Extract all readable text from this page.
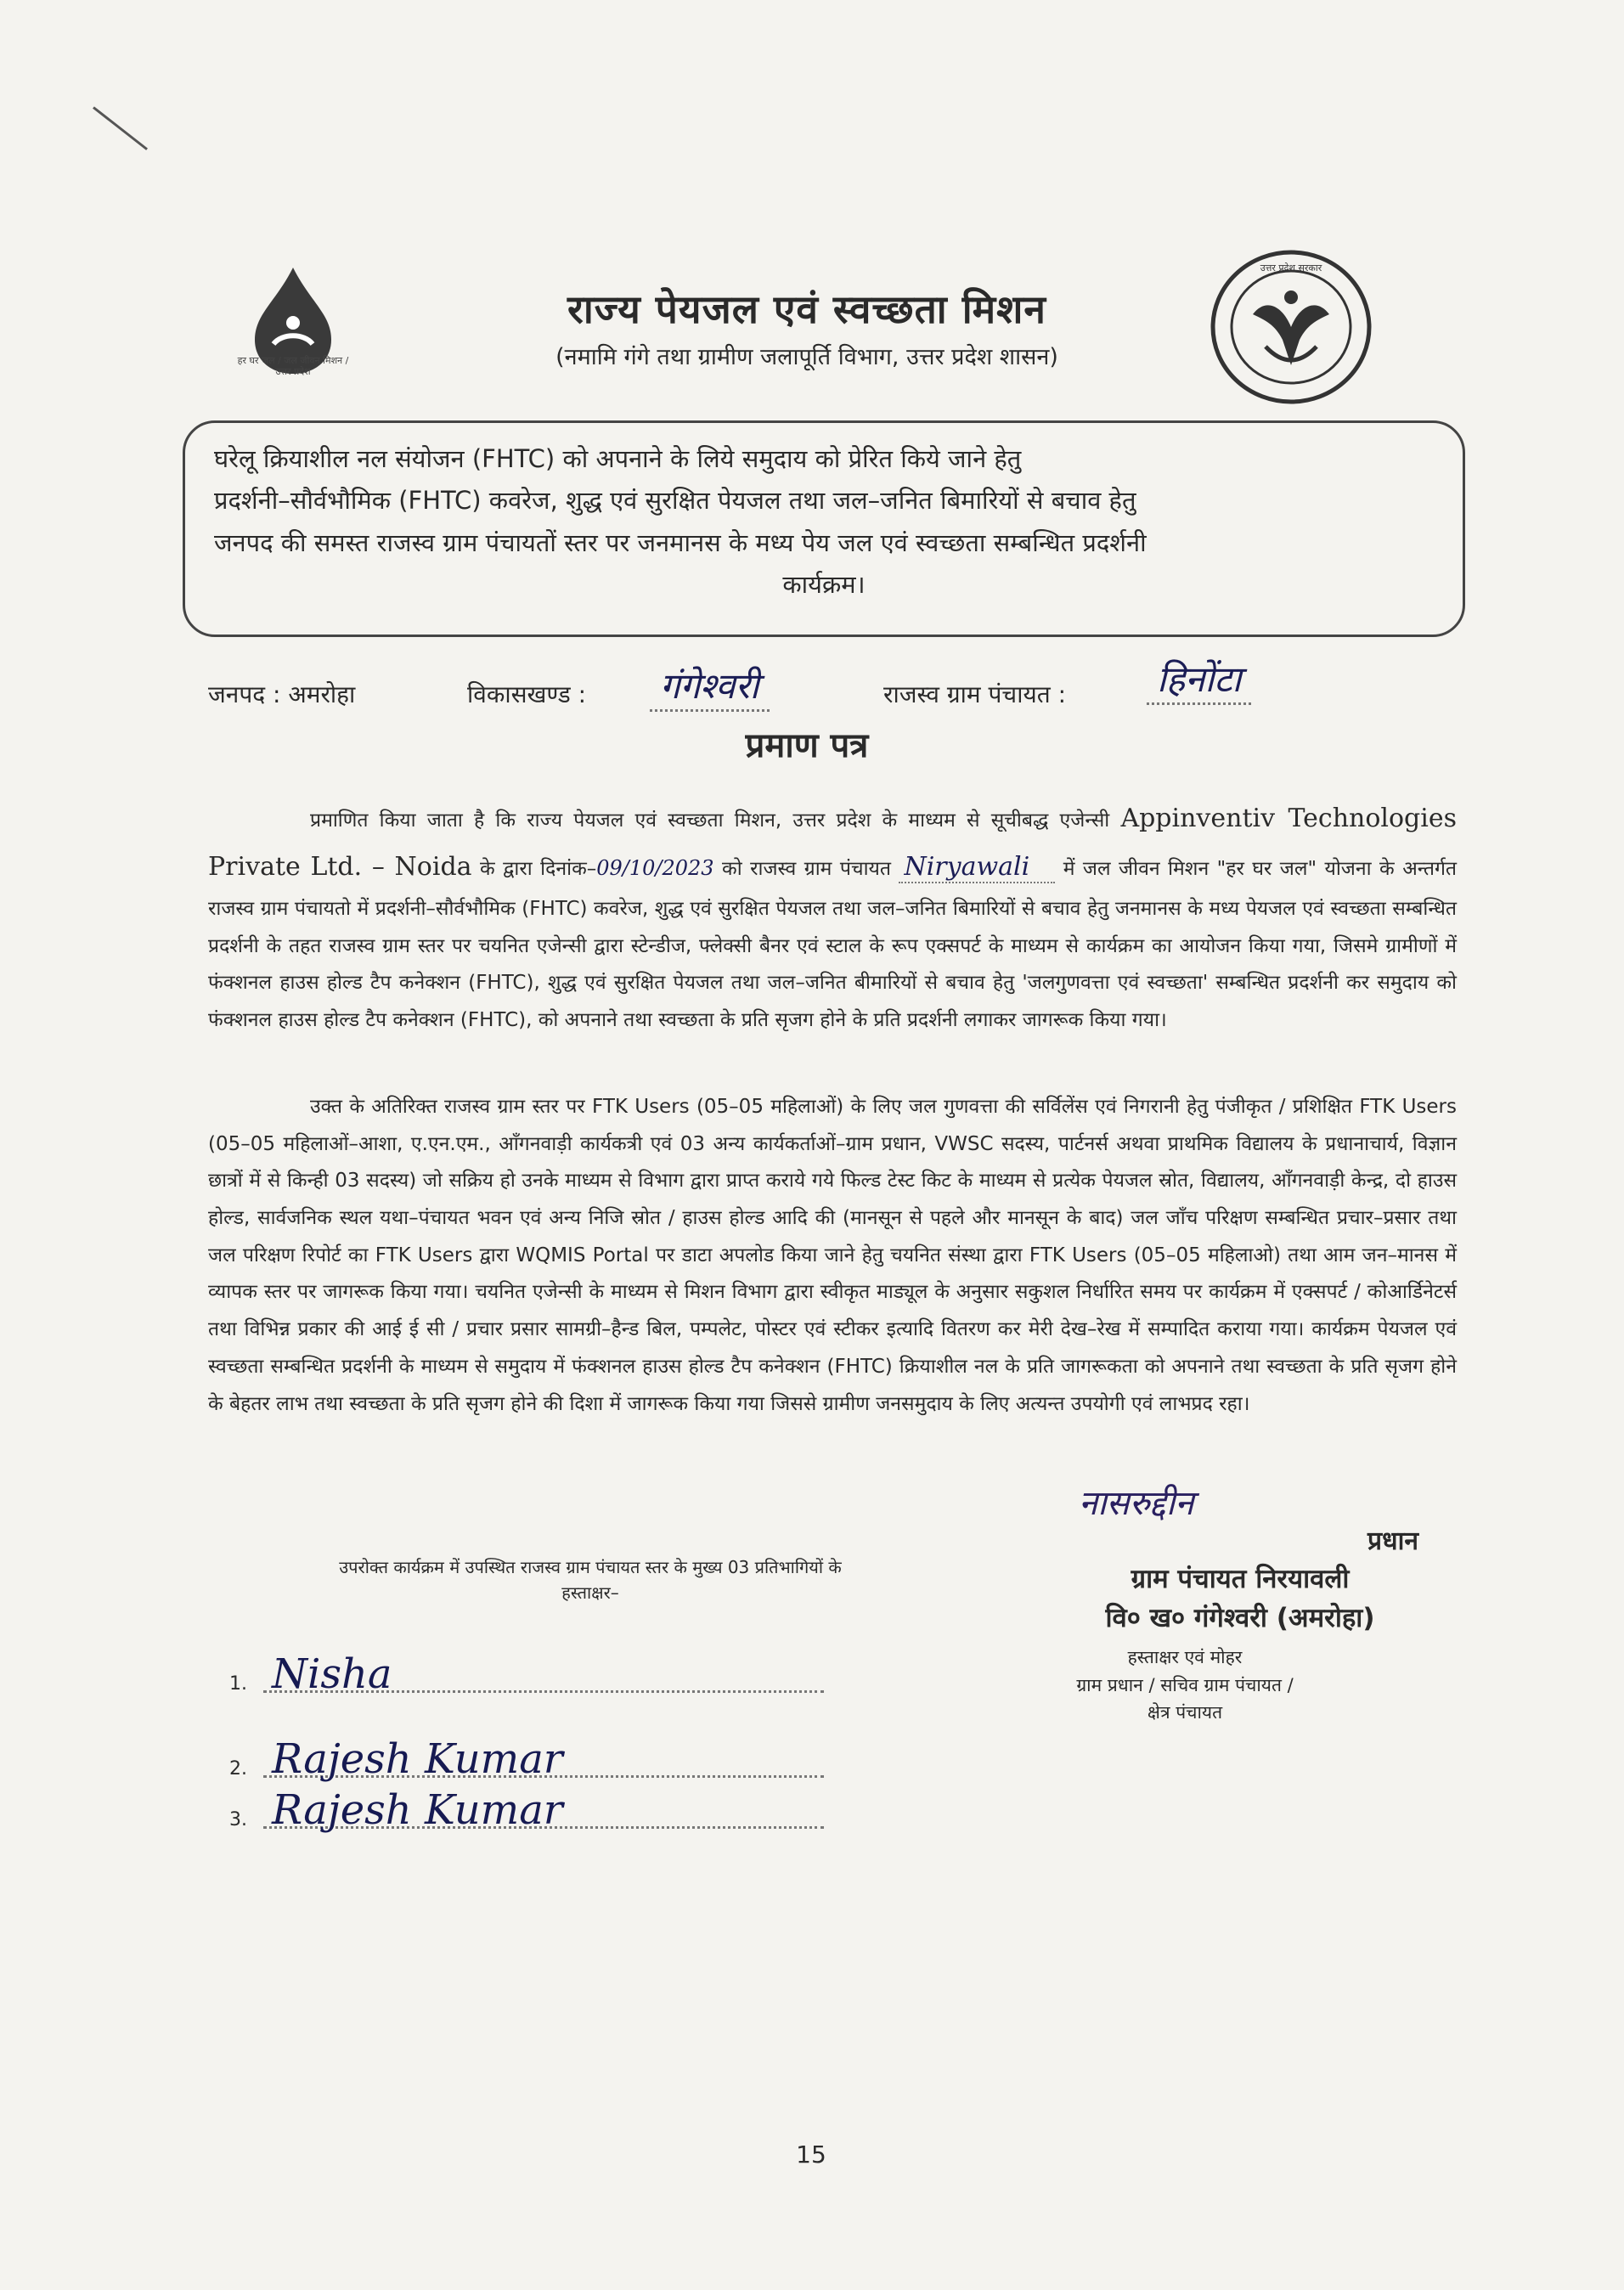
हर घर जल / जल जीवन मिशन / उत्तर प्रदेश
राज्य पेयजल एवं स्वच्छता मिशन
(नमामि गंगे तथा ग्रामीण जलापूर्ति विभाग, उत्तर प्रदेश शासन)
उत्तर प्रदेश सरकार
घरेलू क्रियाशील नल संयोजन (FHTC) को अपनाने के लिये समुदाय को प्रेरित किये जाने हेतु
प्रदर्शनी–सौर्वभौमिक (FHTC) कवरेज, शुद्ध एवं सुरक्षित पेयजल तथा जल–जनित बिमारियों से बचाव हेतु
जनपद की समस्त राजस्व ग्राम पंचायतों स्तर पर जनमानस के मध्य पेय जल एवं स्वच्छता सम्बन्धित प्रदर्शनी
कार्यक्रम।
जनपद : अमरोहा	विकासखण्ड : गंगेश्वरी	राजस्व ग्राम पंचायत :	हिनोंटा
प्रमाण पत्र
प्रमाणित किया जाता है कि राज्य पेयजल एवं स्वच्छता मिशन, उत्तर प्रदेश के माध्यम से सूचीबद्ध एजेन्सी Appinventiv Technologies Private Ltd. – Noida के द्वारा दिनांक–09/10/2023 को राजस्व ग्राम पंचायत Niryawali में जल जीवन मिशन "हर घर जल" योजना के अन्तर्गत राजस्व ग्राम पंचायतो में प्रदर्शनी–सौर्वभौमिक (FHTC) कवरेज, शुद्ध एवं सुरक्षित पेयजल तथा जल–जनित बिमारियों से बचाव हेतु जनमानस के मध्य पेयजल एवं स्वच्छता सम्बन्धित प्रदर्शनी के तहत राजस्व ग्राम स्तर पर चयनित एजेन्सी द्वारा स्टेन्डीज, फ्लेक्सी बैनर एवं स्टाल के रूप एक्सपर्ट के माध्यम से कार्यक्रम का आयोजन किया गया, जिसमे ग्रामीणों में फंक्शनल हाउस होल्ड टैप कनेक्शन (FHTC), शुद्ध एवं सुरक्षित पेयजल तथा जल–जनित बीमारियों से बचाव हेतु 'जलगुणवत्ता एवं स्वच्छता' सम्बन्धित प्रदर्शनी कर समुदाय को फंक्शनल हाउस होल्ड टैप कनेक्शन (FHTC), को अपनाने तथा स्वच्छता के प्रति सृजग होने के प्रति प्रदर्शनी लगाकर जागरूक किया गया।
उक्त के अतिरिक्त राजस्व ग्राम स्तर पर FTK Users (05–05 महिलाओं) के लिए जल गुणवत्ता की सर्विलेंस एवं निगरानी हेतु पंजीकृत / प्रशिक्षित FTK Users (05–05 महिलाओं–आशा, ए.एन.एम., आँगनवाड़ी कार्यकत्री एवं 03 अन्य कार्यकर्ताओं–ग्राम प्रधान, VWSC सदस्य, पार्टनर्स अथवा प्राथमिक विद्यालय के प्रधानाचार्य, विज्ञान छात्रों में से किन्ही 03 सदस्य) जो सक्रिय हो उनके माध्यम से विभाग द्वारा प्राप्त कराये गये फिल्ड टेस्ट किट के माध्यम से प्रत्येक पेयजल स्रोत, विद्यालय, आँगनवाड़ी केन्द्र, दो हाउस होल्ड, सार्वजनिक स्थल यथा–पंचायत भवन एवं अन्य निजि स्रोत / हाउस होल्ड आदि की (मानसून से पहले और मानसून के बाद) जल जाँच परिक्षण सम्बन्धित प्रचार–प्रसार तथा जल परिक्षण रिपोर्ट का FTK Users द्वारा WQMIS Portal पर डाटा अपलोड किया जाने हेतु चयनित संस्था द्वारा FTK Users (05–05 महिलाओ) तथा आम जन–मानस में व्यापक स्तर पर जागरूक किया गया। चयनित एजेन्सी के माध्यम से मिशन विभाग द्वारा स्वीकृत माड्यूल के अनुसार सकुशल निर्धारित समय पर कार्यक्रम में एक्सपर्ट / कोआर्डिनेटर्स तथा विभिन्न प्रकार की आई ई सी / प्रचार प्रसार सामग्री–हैन्ड बिल, पम्पलेट, पोस्टर एवं स्टीकर इत्यादि वितरण कर मेरी देख–रेख में सम्पादित कराया गया। कार्यक्रम पेयजल एवं स्वच्छता सम्बन्धित प्रदर्शनी के माध्यम से समुदाय में फंक्शनल हाउस होल्ड टैप कनेक्शन (FHTC) क्रियाशील नल के प्रति जागरूकता को अपनाने तथा स्वच्छता के प्रति सृजग होने के बेहतर लाभ तथा स्वच्छता के प्रति सृजग होने की दिशा में जागरूक किया गया जिससे ग्रामीण जनसमुदाय के लिए अत्यन्त उपयोगी एवं लाभप्रद रहा।
नासरुद्दीन
प्रधान
ग्राम पंचायत निरयावली
वि० ख० गंगेश्वरी (अमरोहा)
हस्ताक्षर एवं मोहर
ग्राम प्रधान / सचिव ग्राम पंचायत /
क्षेत्र पंचायत
उपरोक्त कार्यक्रम में उपस्थित राजस्व ग्राम पंचायत स्तर के मुख्य 03 प्रतिभागियों के
हस्ताक्षर–
1. Nisha
2. Rajesh Kumar
3. Rajesh Kumar
15
